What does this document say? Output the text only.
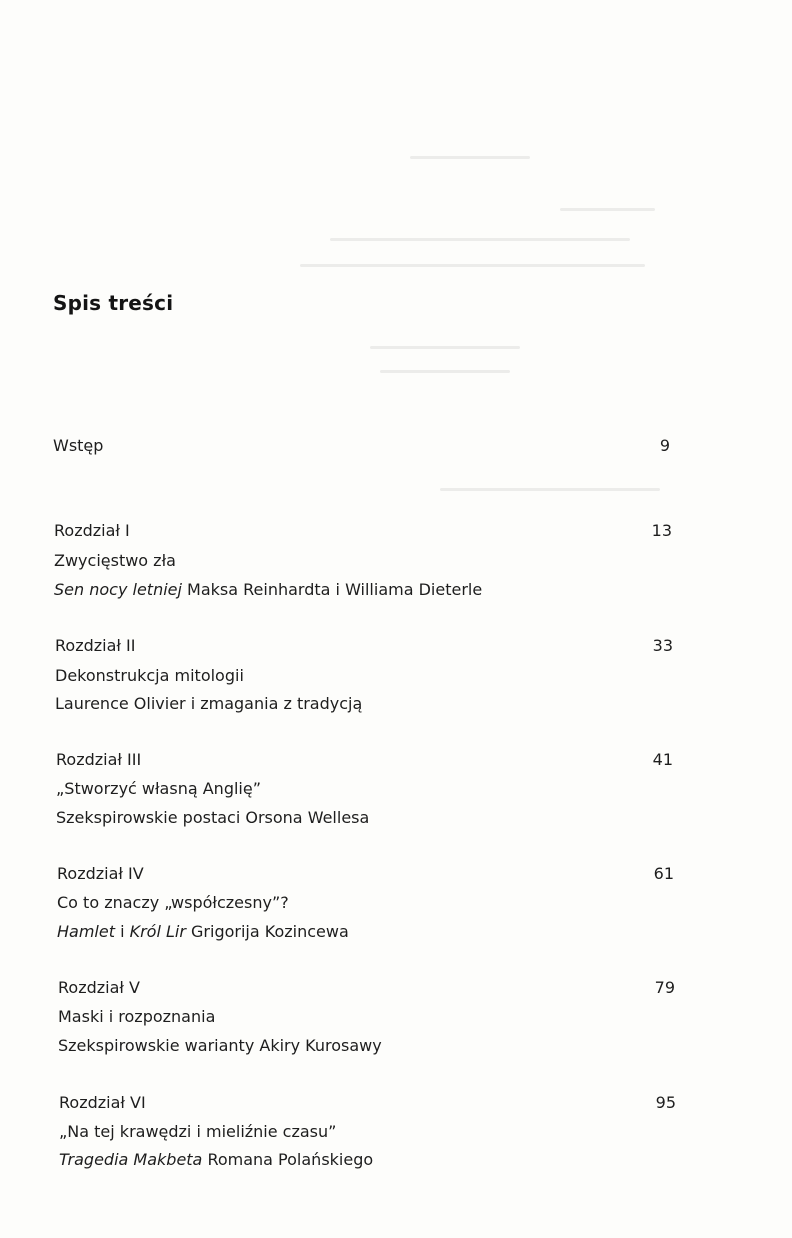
Spis treści
Wstęp	9
Rozdział I	13
Zwycięstwo zła
Sen nocy letniej Maksa Reinhardta i Williama Dieterle
Rozdział II	33
Dekonstrukcja mitologii
Laurence Olivier i zmagania z tradycją
Rozdział III	41
„Stworzyć własną Anglię”
Szekspirowskie postaci Orsona Wellesa
Rozdział IV	61
Co to znaczy „współczesny”?
Hamlet i Król Lir Grigorija Kozincewa
Rozdział V	79
Maski i rozpoznania
Szekspirowskie warianty Akiry Kurosawy
Rozdział VI	95
„Na tej krawędzi i mieliźnie czasu”
Tragedia Makbeta Romana Polańskiego
